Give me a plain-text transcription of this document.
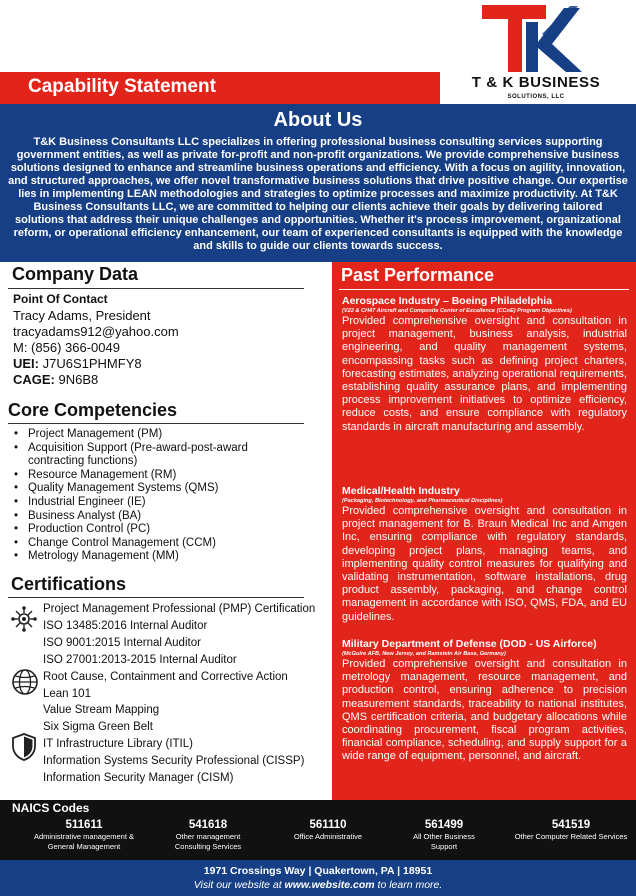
Capability Statement	T & K BUSINESS
SOLUTIONS, LLC
About Us
T&K Business Consultants LLC specializes in offering professional business consulting services supporting government entities, as well as private for-profit and non-profit organizations. We provide comprehensive business solutions designed to enhance and streamline business operations and efficiency. With a focus on agility, innovation, and structured approaches, we offer novel transformative business solutions that drive positive change. Our expertise lies in implementing LEAN methodologies and strategies to optimize processes and maximize productivity. At T&K Business Consultants LLC, we are committed to helping our clients achieve their goals by delivering tailored solutions that address their unique challenges and opportunities. Whether it's process improvement, organizational reform, or operational efficiency enhancement, our team of experienced consultants is equipped with the knowledge and skills to guide our clients towards success.
Company Data
Point Of Contact
Tracy Adams, President
tracyadams912@yahoo.com
M: (856) 366-0049
UEI: J7U6S1PHMFY8
CAGE: 9N6B8
Core Competencies
• Project Management (PM)
• Acquisition Support (Pre-award-post-award contracting functions)
• Resource Management (RM)
• Quality Management Systems (QMS)
• Industrial Engineer (IE)
• Business Analyst (BA)
• Production Control (PC)
• Change Control Management (CCM)
• Metrology Management (MM)
Certifications
Project Management Professional (PMP) Certification
ISO 13485:2016 Internal Auditor
ISO 9001:2015 Internal Auditor
ISO 27001:2013-2015 Internal Auditor
Root Cause, Containment and Corrective Action
Lean 101
Value Stream Mapping
Six Sigma Green Belt
IT Infrastructure Library (ITIL)
Information Systems Security Professional (CISSP)
Information Security Manager (CISM)
Past Performance
Aerospace Industry – Boeing Philadelphia
(V22 & CH47 Aircraft and Composite Center of Excellence (CCoE) Program Objectives)
Provided comprehensive oversight and consultation in project management, business analysis, industrial engineering, and quality management systems, encompassing tasks such as defining project charters, forecasting estimates, analyzing operational requirements, establishing quality assurance plans, and implementing process improvement initiatives to optimize efficiency, reduce costs, and ensure compliance with regulatory standards in aircraft manufacturing and assembly.
Medical/Health Industry
(Packaging, Biotechnology, and Pharmaceutical Disciplines)
Provided comprehensive oversight and consultation in project management for B. Braun Medical Inc and Amgen Inc, ensuring compliance with regulatory standards, developing project plans, managing teams, and implementing quality control measures for qualifying and validating instrumentation, software installations, drug product assembly, packaging, and change control management in accordance with ISO, QMS, FDA, and EU guidelines.
Military Department of Defense (DOD - US Airforce)
(McGuire AFB, New Jersey, and Ramstein Air Base, Germany)
Provided comprehensive oversight and consultation in metrology management, resource management, and production control, ensuring adherence to precision measurement standards, traceability to national institutes, QMS certification criteria, and budgetary allocations while coordinating procurement, fiscal program activities, financial compliance, scheduling, and supply support for a wide range of equipment, personnel, and aircraft.
NAICS Codes
511611
Administrative management & General Management
541618
Other management Consulting Services
561110
Office Administrative
561499
All Other Business Support
541519
Other Computer Related Services
1971 Crossings Way | Quakertown, PA | 18951
Visit our website at www.website.com to learn more.
